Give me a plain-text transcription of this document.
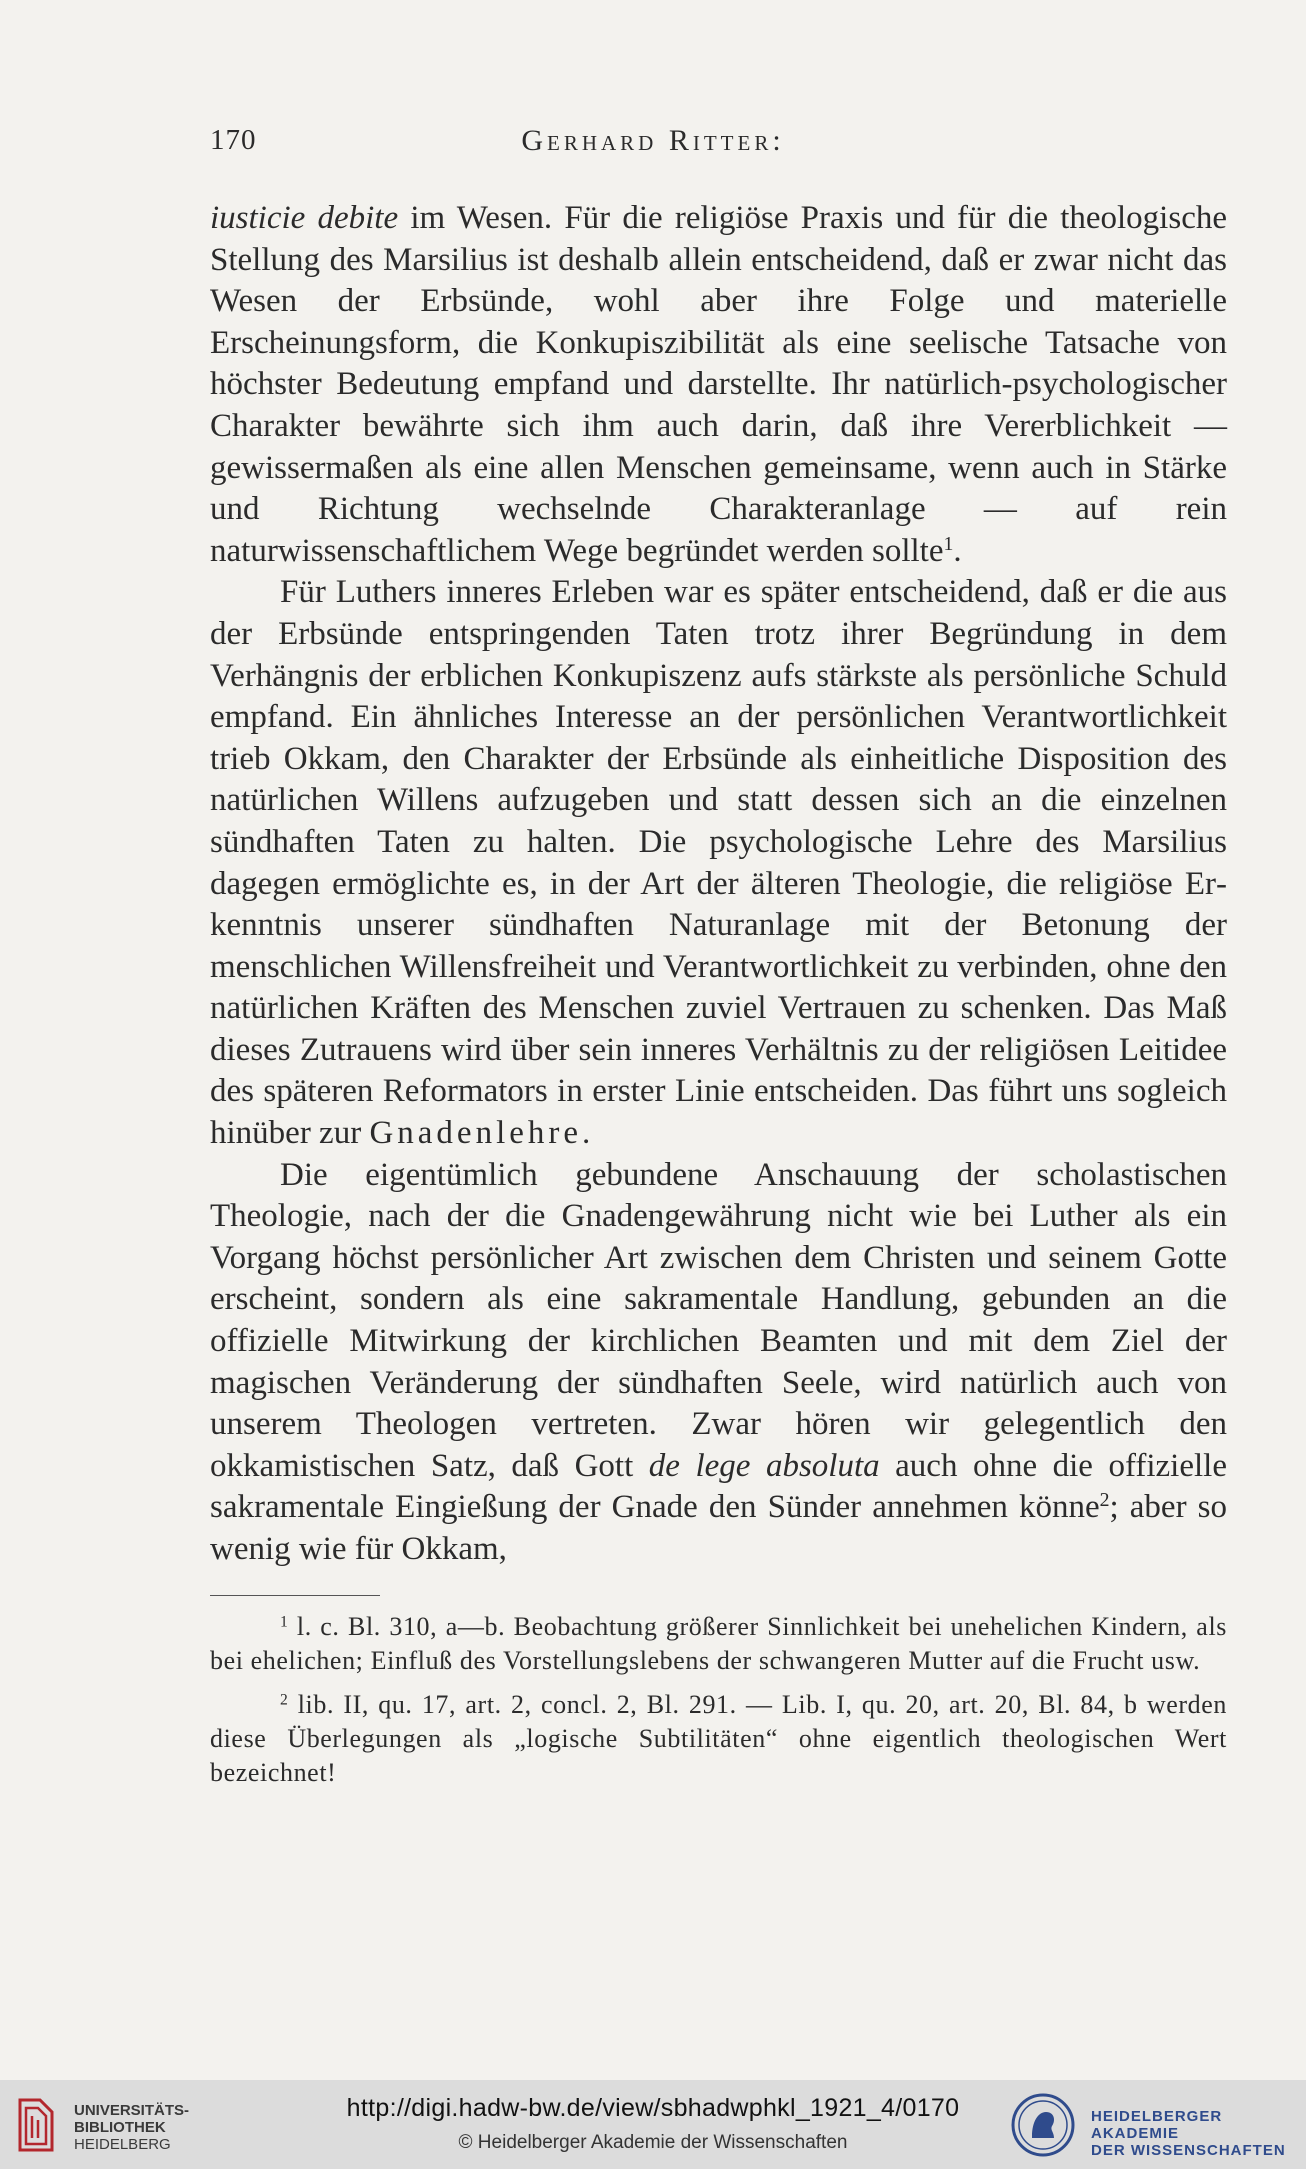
170	Gerhard Ritter:

iusticie debite im Wesen. Für die religiöse Praxis und für die theologische Stellung des Marsilius ist deshalb allein entscheidend, daß er zwar nicht das Wesen der Erbsünde, wohl aber ihre Folge und materielle Erscheinungsform, die Konkupiszibilität als eine seelische Tatsache von höchster Bedeutung empfand und darstellte. Ihr natürlich-psychologischer Charakter bewährte sich ihm auch darin, daß ihre Vererblichkeit — gewissermaßen als eine allen Menschen gemeinsame, wenn auch in Stärke und Richtung wechselnde Charakteranlage — auf rein naturwissenschaftlichem Wege begründet werden sollte$^1$.

Für Luthers inneres Erleben war es später entscheidend, daß er die aus der Erbsünde entspringenden Taten trotz ihrer Begründung in dem Verhängnis der erblichen Konkupiszenz aufs stärkste als persönliche Schuld empfand. Ein ähnliches Interesse an der persönlichen Verantwortlichkeit trieb Okkam, den Charakter der Erbsünde als einheitliche Disposition des natürlichen Willens aufzugeben und statt dessen sich an die einzelnen sündhaften Taten zu halten. Die psychologische Lehre des Marsilius dagegen ermöglichte es, in der Art der älteren Theologie, die religiöse Erkenntnis unserer sündhaften Naturanlage mit der Betonung der menschlichen Willensfreiheit und Verantwortlichkeit zu verbinden, ohne den natürlichen Kräften des Menschen zuviel Vertrauen zu schenken. Das Maß dieses Zutrauens wird über sein inneres Verhältnis zu der religiösen Leitidee des späteren Reformators in erster Linie entscheiden. Das führt uns sogleich hinüber zur Gnadenlehre.

Die eigentümlich gebundene Anschauung der scholastischen Theologie, nach der die Gnadengewährung nicht wie bei Luther als ein Vorgang höchst persönlicher Art zwischen dem Christen und seinem Gotte erscheint, sondern als eine sakramentale Handlung, gebunden an die offizielle Mitwirkung der kirchlichen Beamten und mit dem Ziel der magischen Veränderung der sündhaften Seele, wird natürlich auch von unserem Theologen vertreten. Zwar hören wir gelegentlich den okkamistischen Satz, daß Gott de lege absoluta auch ohne die offizielle sakramentale Eingießung der Gnade den Sünder annehmen könne$^2$; aber so wenig wie für Okkam,

$^1$ l. c. Bl. 310, a—b. Beobachtung größerer Sinnlichkeit bei unehelichen Kindern, als bei ehelichen; Einfluß des Vorstellungslebens der schwangeren Mutter auf die Frucht usw.

$^2$ lib. II, qu. 17, art. 2, concl. 2, Bl. 291. — Lib. I, qu. 20, art. 20, Bl. 84, b werden diese Überlegungen als „logische Subtilitäten“ ohne eigentlich theologischen Wert bezeichnet!

UNIVERSITÄTS-
BIBLIOTHEK
HEIDELBERG
http://digi.hadw-bw.de/view/sbhadwphkl_1921_4/0170
© Heidelberger Akademie der Wissenschaften
HEIDELBERGER AKADEMIE
DER WISSENSCHAFTEN
